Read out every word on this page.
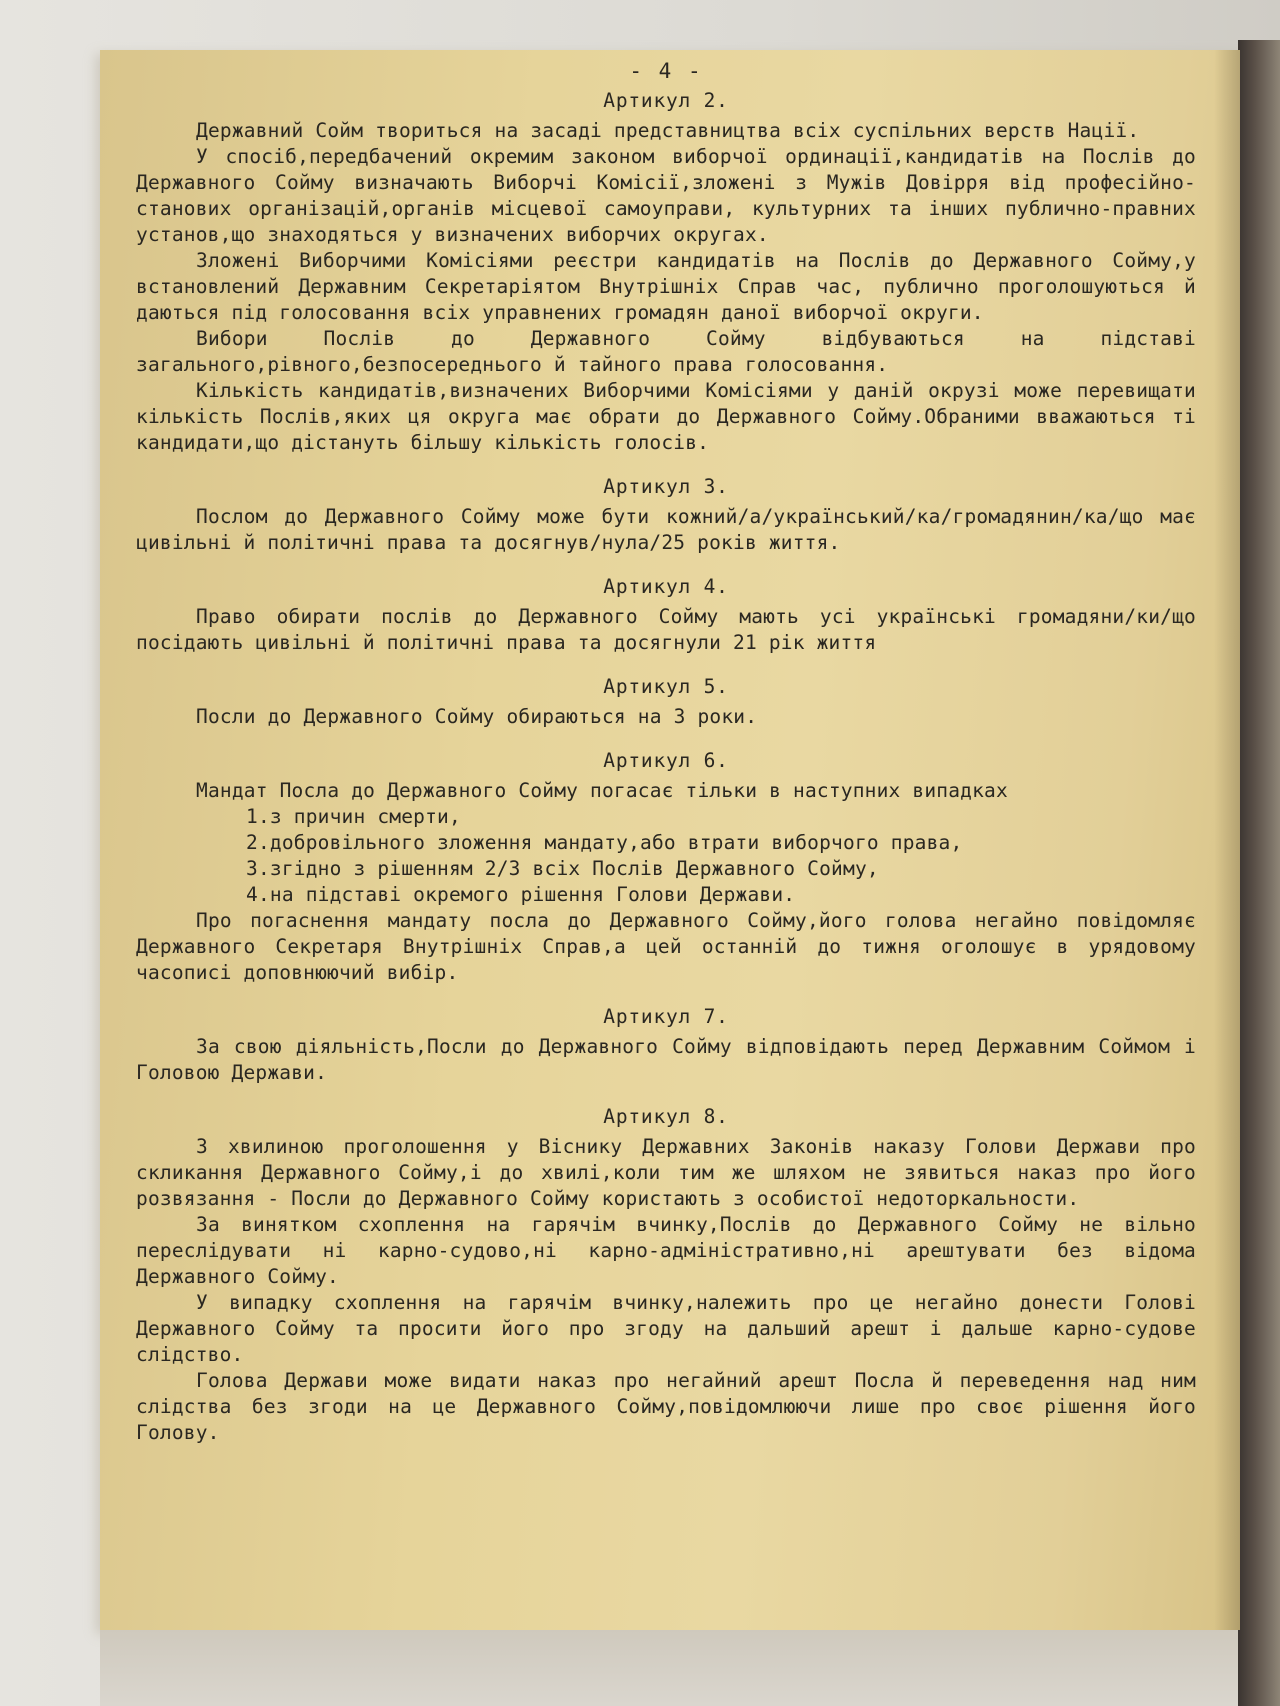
- 4 -
Артикул 2.

Державний Сойм твориться на засаді представництва всіх суспільних верств Нації.

У спосіб,передбачений окремим законом виборчої ординації,кандидатів на Послів до Державного Сойму визначають Виборчі Комісії,зложені з Мужів Довірря від професійно-станових організацій,органів місцевої самоуправи, культурних та інших публично-правних установ,що знаходяться у визначених виборчих округах.

Зложені Виборчими Комісіями реєстри кандидатів на Послів до Державного Сойму,у встановлений Державним Секретаріятом Внутрішніх Справ час, публично проголошуються й даються під голосовання всіх управнених громадян даної виборчої округи.

Вибори Послів до Державного Сойму відбуваються на підставі загального,рівного,безпосереднього й тайного права голосовання.

Кількість кандидатів,визначених Виборчими Комісіями у даній окрузі може перевищати кількість Послів,яких ця округа має обрати до Державного Сойму.Обраними вважаються ті кандидати,що дістануть більшу кількість голосів.

Артикул 3.

Послом до Державного Сойму може бути кожний/а/український/ка/громадянин/ка/що має цивільні й політичні права та досягнув/нула/25 років життя.

Артикул 4.

Право обирати послів до Державного Сойму мають усі українські громадяни/ки/що посідають цивільні й політичні права та досягнули 21 рік життя

Артикул 5.

Посли до Державного Сойму обираються на 3 роки.

Артикул 6.

Мандат Посла до Державного Сойму погасає тільки в наступних випадках

1.з причин смерти,
2.добровільного зложення мандату,або втрати виборчого права,
3.згідно з рішенням 2/3 всіх Послів Державного Сойму,
4.на підставі окремого рішення Голови Держави.

Про погаснення мандату посла до Державного Сойму,його голова негайно повідомляє Державного Секретаря Внутрішніх Справ,а цей останній до тижня оголошує в урядовому часописі доповнюючий вибір.

Артикул 7.

За свою діяльність,Посли до Державного Сойму відповідають перед Державним Соймом і Головою Держави.

Артикул 8.

З хвилиною проголошення у Віснику Державних Законів наказу Голови Держави про скликання Державного Сойму,і до хвилі,коли тим же шляхом не зявиться наказ про його розвязання - Посли до Державного Сойму користають з особистої недоторкальности.

За винятком схоплення на гарячім вчинку,Послів до Державного Сойму не вільно переслідувати ні карно-судово,ні карно-адміністративно,ні арештувати без відома Державного Сойму.

У випадку схоплення на гарячім вчинку,належить про це негайно донести Голові Державного Сойму та просити його про згоду на дальший арешт і дальше карно-судове слідство.

Голова Держави може видати наказ про негайний арешт Посла й переведення над ним слідства без згоди на це Державного Сойму,повідомлюючи лише про своє рішення його Голову.
